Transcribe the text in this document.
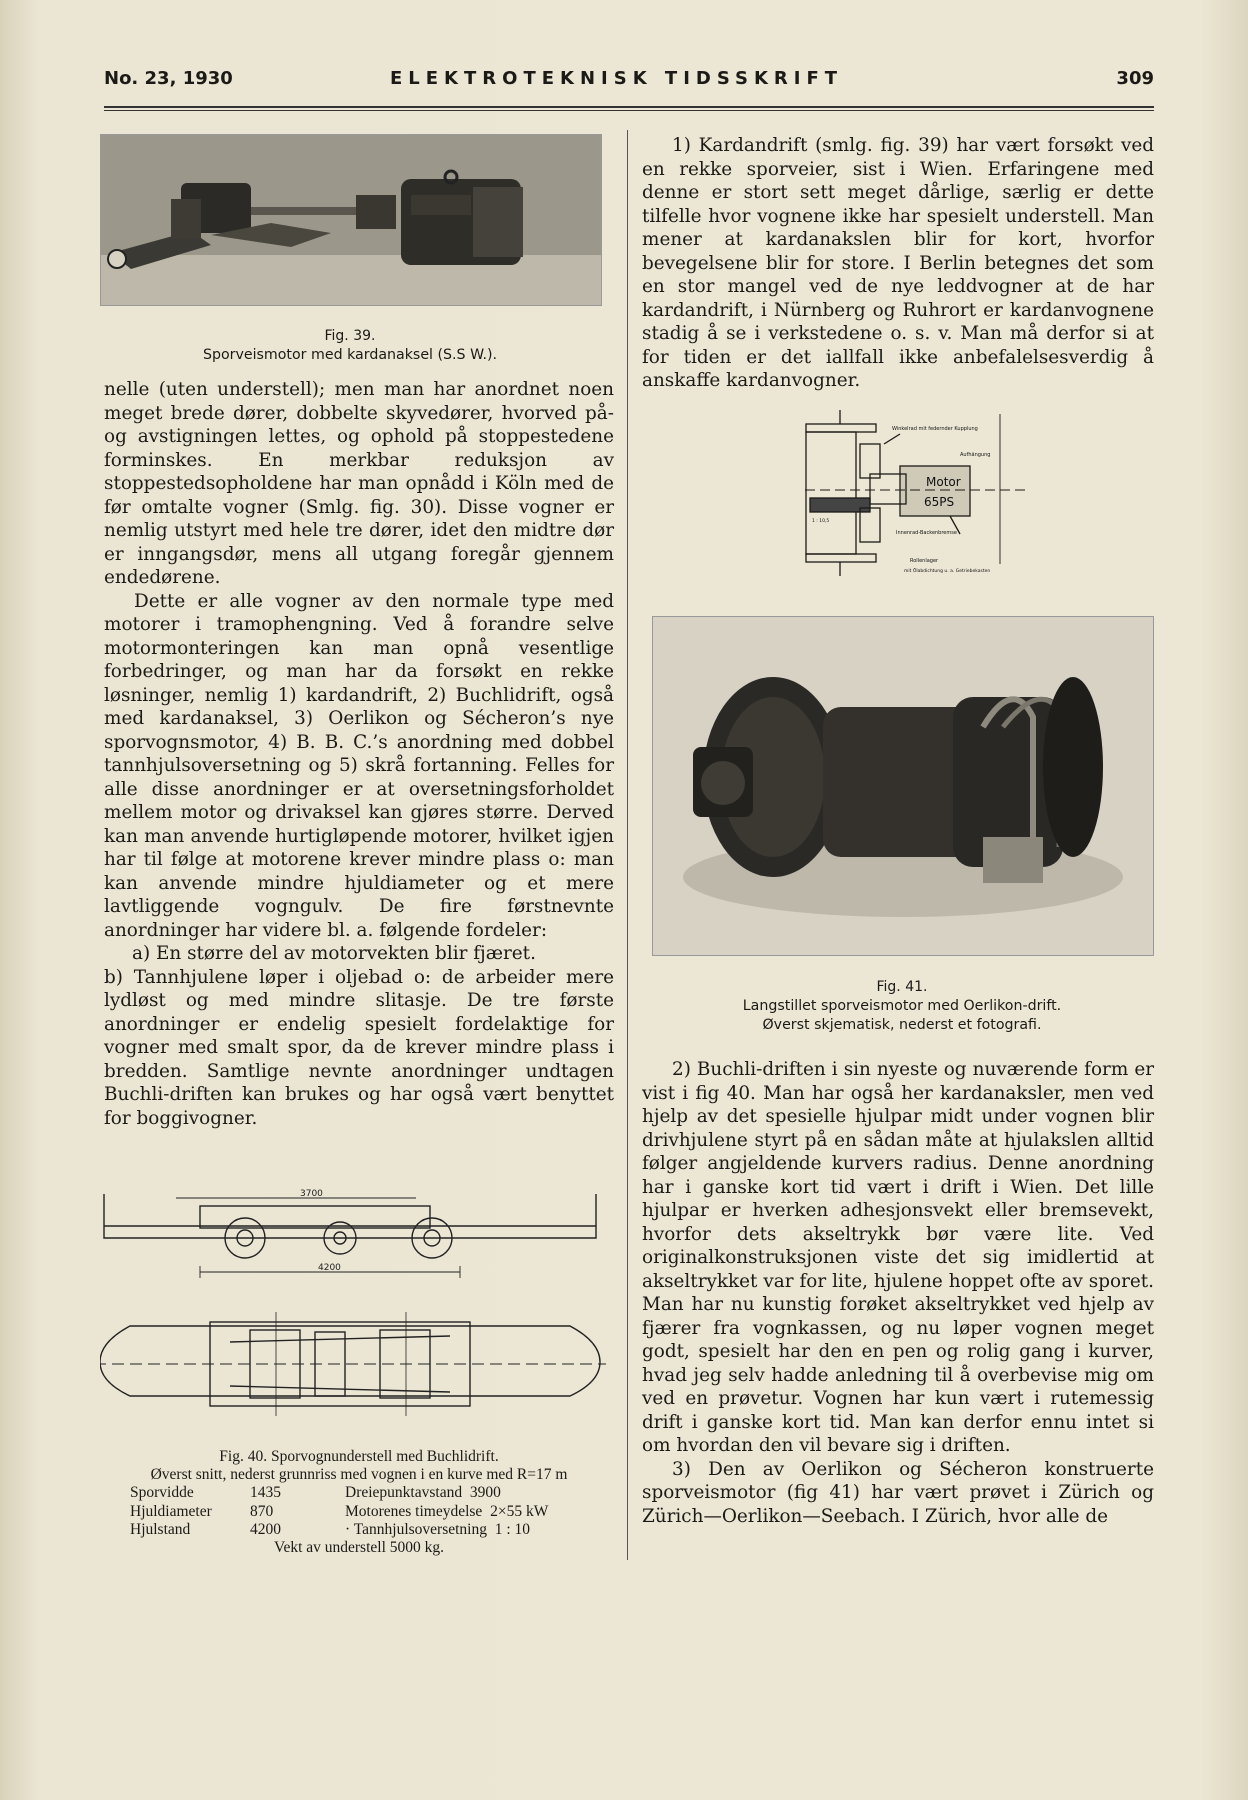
No. 23, 1930	ELEKTROTEKNISK TIDSSKRIFT	309
Fig. 39.
Sporveismotor med kardanaksel (S.S W.).

nelle (uten understell); men man har anordnet noen meget brede dører, dobbelte skyvedører, hvorved på- og avstigningen lettes, og ophold på stoppestedene forminskes. En merkbar reduksjon av stoppestedsopholdene har man opnådd i Köln med de før omtalte vogner (Smlg. fig. 30). Disse vogner er nemlig utstyrt med hele tre dører, idet den midtre dør er inngangsdør, mens all utgang foregår gjennem endedørene.

Dette er alle vogner av den normale type med motorer i tramophengning. Ved å forandre selve motormonteringen kan man opnå vesentlige forbedringer, og man har da forsøkt en rekke løsninger, nemlig 1) kardandrift, 2) Buchlidrift, også med kardanaksel, 3) Oerlikon og Sécheron’s nye sporvognsmotor, 4) B. B. C.’s anordning med dobbel tannhjulsoversetning og 5) skrå fortanning. Felles for alle disse anordninger er at oversetningsforholdet mellem motor og drivaksel kan gjøres større. Derved kan man anvende hurtigløpende motorer, hvilket igjen har til følge at motorene krever mindre plass o: man kan anvende mindre hjuldiameter og et mere lavtliggende vogngulv. De fire førstnevnte anordninger har videre bl. a. følgende fordeler:

a) En større del av motorvekten blir fjæret.

b) Tannhjulene løper i oljebad o: de arbeider mere lydløst og med mindre slitasje. De tre første anordninger er endelig spesielt fordelaktige for vogner med smalt spor, da de krever mindre plass i bredden. Samtlige nevnte anordninger undtagen Buchli-driften kan brukes og har også vært benyttet for boggivogner.

3700
4200
Fig. 40. Sporvognunderstell med Buchlidrift.
Øverst snitt, nederst grunnriss med vognen i en kurve med R=17 m
Sporvidde	1435	Dreiepunktavstand 3900
Hjuldiameter	870	Motorenes timeydelse 2×55 kW
Hjulstand	4200	· Tannhjulsoversetning 1 : 10
Vekt av understell 5000 kg.

1) Kardandrift (smlg. fig. 39) har vært forsøkt ved en rekke sporveier, sist i Wien. Erfaringene med denne er stort sett meget dårlige, særlig er dette tilfelle hvor vognene ikke har spesielt understell. Man mener at kardanakslen blir for kort, hvorfor bevegelsene blir for store. I Berlin betegnes det som en stor mangel ved de nye leddvogner at de har kardandrift, i Nürnberg og Ruhrort er kardanvognene stadig å se i verkstedene o. s. v. Man må derfor si at for tiden er det iallfall ikke anbefalelsesverdig å anskaffe kardanvogner.

Motor
65PS
Winkelrad mit federnder Kupplung
Aufhängung
Innenrad-Backenbremse
Rollenlager
mit Ölabdichtung u. a. Getriebekasten
1 : 10,5
Fig. 41.
Langstillet sporveismotor med Oerlikon-drift.
Øverst skjematisk, nederst et fotografi.

2) Buchli-driften i sin nyeste og nuværende form er vist i fig 40. Man har også her kardanaksler, men ved hjelp av det spesielle hjulpar midt under vognen blir drivhjulene styrt på en sådan måte at hjulakslen alltid følger angjeldende kurvers radius. Denne anordning har i ganske kort tid vært i drift i Wien. Det lille hjulpar er hverken adhesjonsvekt eller bremsevekt, hvorfor dets akseltrykk bør være lite. Ved originalkonstruksjonen viste det sig imidlertid at akseltrykket var for lite, hjulene hoppet ofte av sporet. Man har nu kunstig forøket akseltrykket ved hjelp av fjærer fra vognkassen, og nu løper vognen meget godt, spesielt har den en pen og rolig gang i kurver, hvad jeg selv hadde anledning til å overbevise mig om ved en prøvetur. Vognen har kun vært i rutemessig drift i ganske kort tid. Man kan derfor ennu intet si om hvordan den vil bevare sig i driften.

3) Den av Oerlikon og Sécheron konstruerte sporveismotor (fig 41) har vært prøvet i Zürich og Zürich—Oerlikon—Seebach. I Zürich, hvor alle de
